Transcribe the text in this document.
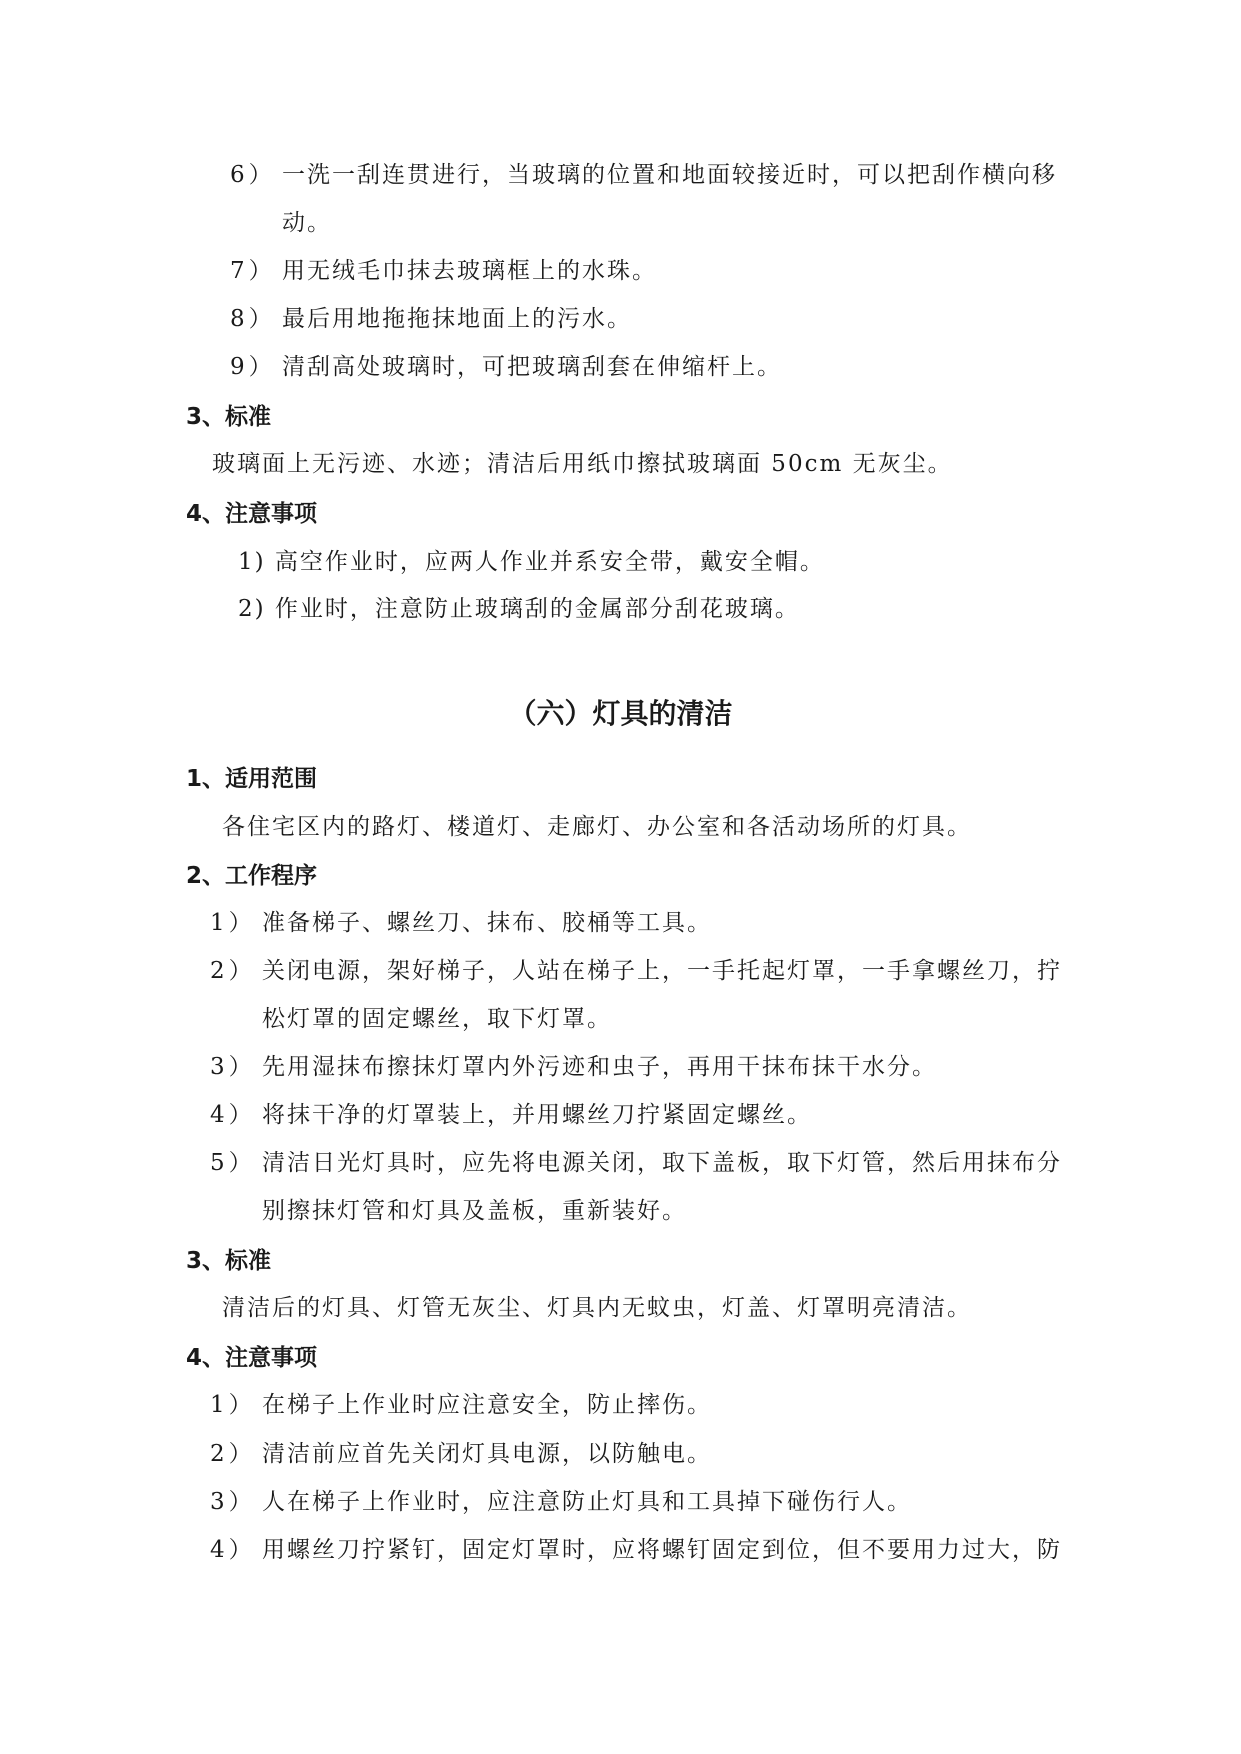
6） 一洗一刮连贯进行，当玻璃的位置和地面较接近时，可以把刮作横向移
动。
7） 用无绒毛巾抹去玻璃框上的水珠。
8） 最后用地拖拖抹地面上的污水。
9） 清刮高处玻璃时，可把玻璃刮套在伸缩杆上。
3、标准
玻璃面上无污迹、水迹；清洁后用纸巾擦拭玻璃面 50cm 无灰尘。
4、注意事项
1) 高空作业时，应两人作业并系安全带，戴安全帽。
2) 作业时，注意防止玻璃刮的金属部分刮花玻璃。
（六）灯具的清洁
1、适用范围
各住宅区内的路灯、楼道灯、走廊灯、办公室和各活动场所的灯具。
2、工作程序
1） 准备梯子、螺丝刀、抹布、胶桶等工具。
2） 关闭电源，架好梯子，人站在梯子上，一手托起灯罩，一手拿螺丝刀，拧
松灯罩的固定螺丝，取下灯罩。
3） 先用湿抹布擦抹灯罩内外污迹和虫子，再用干抹布抹干水分。
4） 将抹干净的灯罩装上，并用螺丝刀拧紧固定螺丝。
5） 清洁日光灯具时，应先将电源关闭，取下盖板，取下灯管，然后用抹布分
别擦抹灯管和灯具及盖板，重新装好。
3、标准
清洁后的灯具、灯管无灰尘、灯具内无蚊虫，灯盖、灯罩明亮清洁。
4、注意事项
1） 在梯子上作业时应注意安全，防止摔伤。
2） 清洁前应首先关闭灯具电源，以防触电。
3） 人在梯子上作业时，应注意防止灯具和工具掉下碰伤行人。
4） 用螺丝刀拧紧钉，固定灯罩时，应将螺钉固定到位，但不要用力过大，防
